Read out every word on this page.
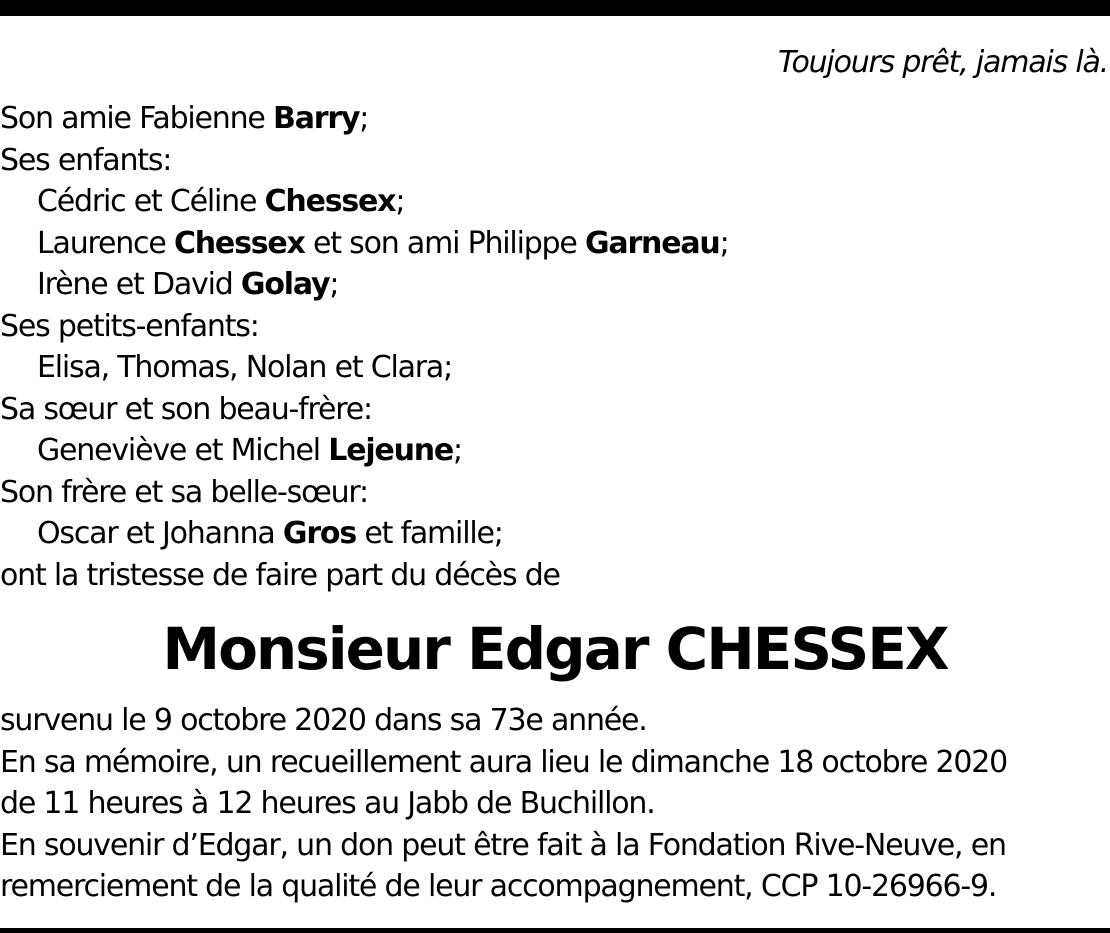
Toujours prêt, jamais là.
Son amie Fabienne Barry;
Ses enfants:
Cédric et Céline Chessex;
Laurence Chessex et son ami Philippe Garneau;
Irène et David Golay;
Ses petits-enfants:
Elisa, Thomas, Nolan et Clara;
Sa sœur et son beau-frère:
Geneviève et Michel Lejeune;
Son frère et sa belle-sœur:
Oscar et Johanna Gros et famille;
ont la tristesse de faire part du décès de
Monsieur Edgar CHESSEX
survenu le 9 octobre 2020 dans sa 73e année.
En sa mémoire, un recueillement aura lieu le dimanche 18 octobre 2020
de 11 heures à 12 heures au Jabb de Buchillon.
En souvenir d’Edgar, un don peut être fait à la Fondation Rive-Neuve, en
remerciement de la qualité de leur accompagnement, CCP 10-26966-9.
